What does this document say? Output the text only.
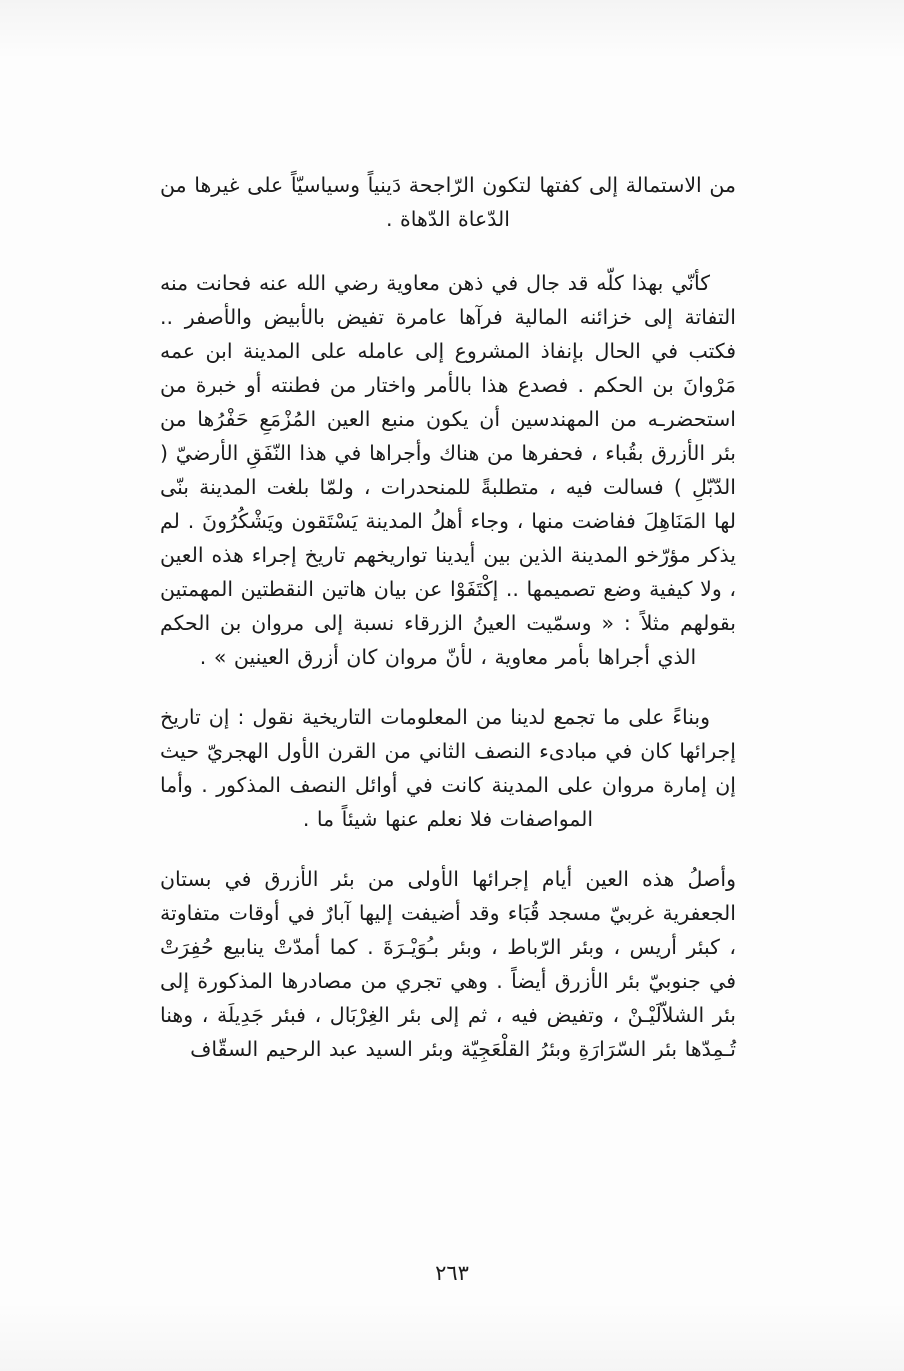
من الاستمالة إلى كفتها لتكون الرّاجحة دَينياً وسياسيّاً على غيرها من الدّعاة الدّهاة .

كأنّي بهذا كلّه قد جال في ذهن معاوية رضي الله عنه فحانت منه التفاتة إلى خزائنه المالية فرآها عامرة تفيض بالأبيض والأصفر .. فكتب في الحال بإنفاذ المشروع إلى عامله على المدينة ابن عمه مَرْوانَ بن الحكم . فصدع هذا بالأمر واختار من فطنته أو خبرة من استحضرـه من المهندسين أن يكون منبع العين المُزْمَعِ حَفْرُها من بئر الأزرق بقُباء ، فحفرها من هناك وأجراها في هذا النّفَقِ الأرضيّ ( الدّبّلِ ) فسالت فيه ، متطلبةً للمنحدرات ، ولمّا بلغت المدينة بنّى لها المَنَاهِلَ ففاضت منها ، وجاء أهلُ المدينة يَسْتَقون ويَشْكُرُونَ . لم يذكر مؤرّخو المدينة الذين بين أيدينا تواريخهم تاريخ إجراء هذه العين ، ولا كيفية وضع تصميمها .. إكْتَفَوْا عن بيان هاتين النقطتين المهمتين بقولهم مثلاً : « وسمّيت العينُ الزرقاء نسبة إلى مروان بن الحكم الذي أجراها بأمر معاوية ، لأنّ مروان كان أزرق العينين » .

وبناءً على ما تجمع لدينا من المعلومات التاريخية نقول : إن تاريخ إجرائها كان في مبادىء النصف الثاني من القرن الأول الهجريّ حيث إن إمارة مروان على المدينة كانت في أوائل النصف المذكور . وأما المواصفات فلا نعلم عنها شيئاً ما .

وأصلُ هذه العين أيام إجرائها الأولى من بئر الأزرق في بستان الجعفرية غربيّ مسجد قُبَاء وقد أضيفت إليها آبارٌ في أوقات متفاوتة ، كبئر أريس ، وبئر الرّباط ، وبئر بـُوَيْـرَةَ . كما أمدّتْ ينابيع حُفِرَتْ في جنوبيّ بئر الأزرق أيضاً . وهي تجري من مصادرها المذكورة إلى بئر الشلاّلَيْـنْ ، وتفيض فيه ، ثم إلى بئر الغِرْبَال ، فبئر جَدِيلَة ، وهنا تُـمِدّها بئر السّرَارَةِ وبئرُ القلْعَجِيّة وبئر السيد عبد الرحيم السقّاف

٢٦٣
